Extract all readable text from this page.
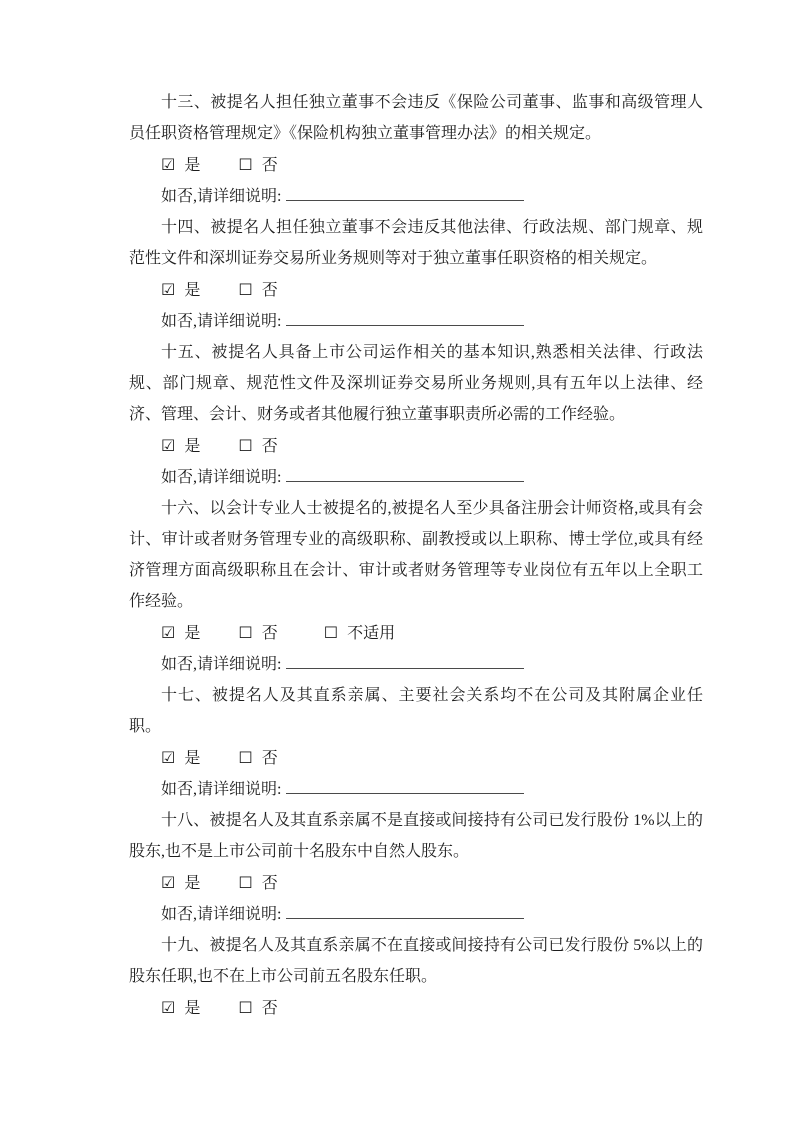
十三、被提名人担任独立董事不会违反《保险公司董事、监事和高级管理人员任职资格管理规定》《保险机构独立董事管理办法》的相关规定。

☑ 是 ☐ 否
如否,请详细说明:

十四、被提名人担任独立董事不会违反其他法律、行政法规、部门规章、规范性文件和深圳证券交易所业务规则等对于独立董事任职资格的相关规定。

☑ 是 ☐ 否
如否,请详细说明:

十五、被提名人具备上市公司运作相关的基本知识,熟悉相关法律、行政法规、部门规章、规范性文件及深圳证券交易所业务规则,具有五年以上法律、经济、管理、会计、财务或者其他履行独立董事职责所必需的工作经验。

☑ 是 ☐ 否
如否,请详细说明:

十六、以会计专业人士被提名的,被提名人至少具备注册会计师资格,或具有会计、审计或者财务管理专业的高级职称、副教授或以上职称、博士学位,或具有经济管理方面高级职称且在会计、审计或者财务管理等专业岗位有五年以上全职工作经验。

☑ 是 ☐ 否	☐ 不适用
如否,请详细说明:

十七、被提名人及其直系亲属、主要社会关系均不在公司及其附属企业任职。

☑ 是 ☐ 否
如否,请详细说明:

十八、被提名人及其直系亲属不是直接或间接持有公司已发行股份 1%以上的股东,也不是上市公司前十名股东中自然人股东。

☑ 是 ☐ 否
如否,请详细说明:

十九、被提名人及其直系亲属不在直接或间接持有公司已发行股份 5%以上的股东任职,也不在上市公司前五名股东任职。

☑ 是 ☐ 否
